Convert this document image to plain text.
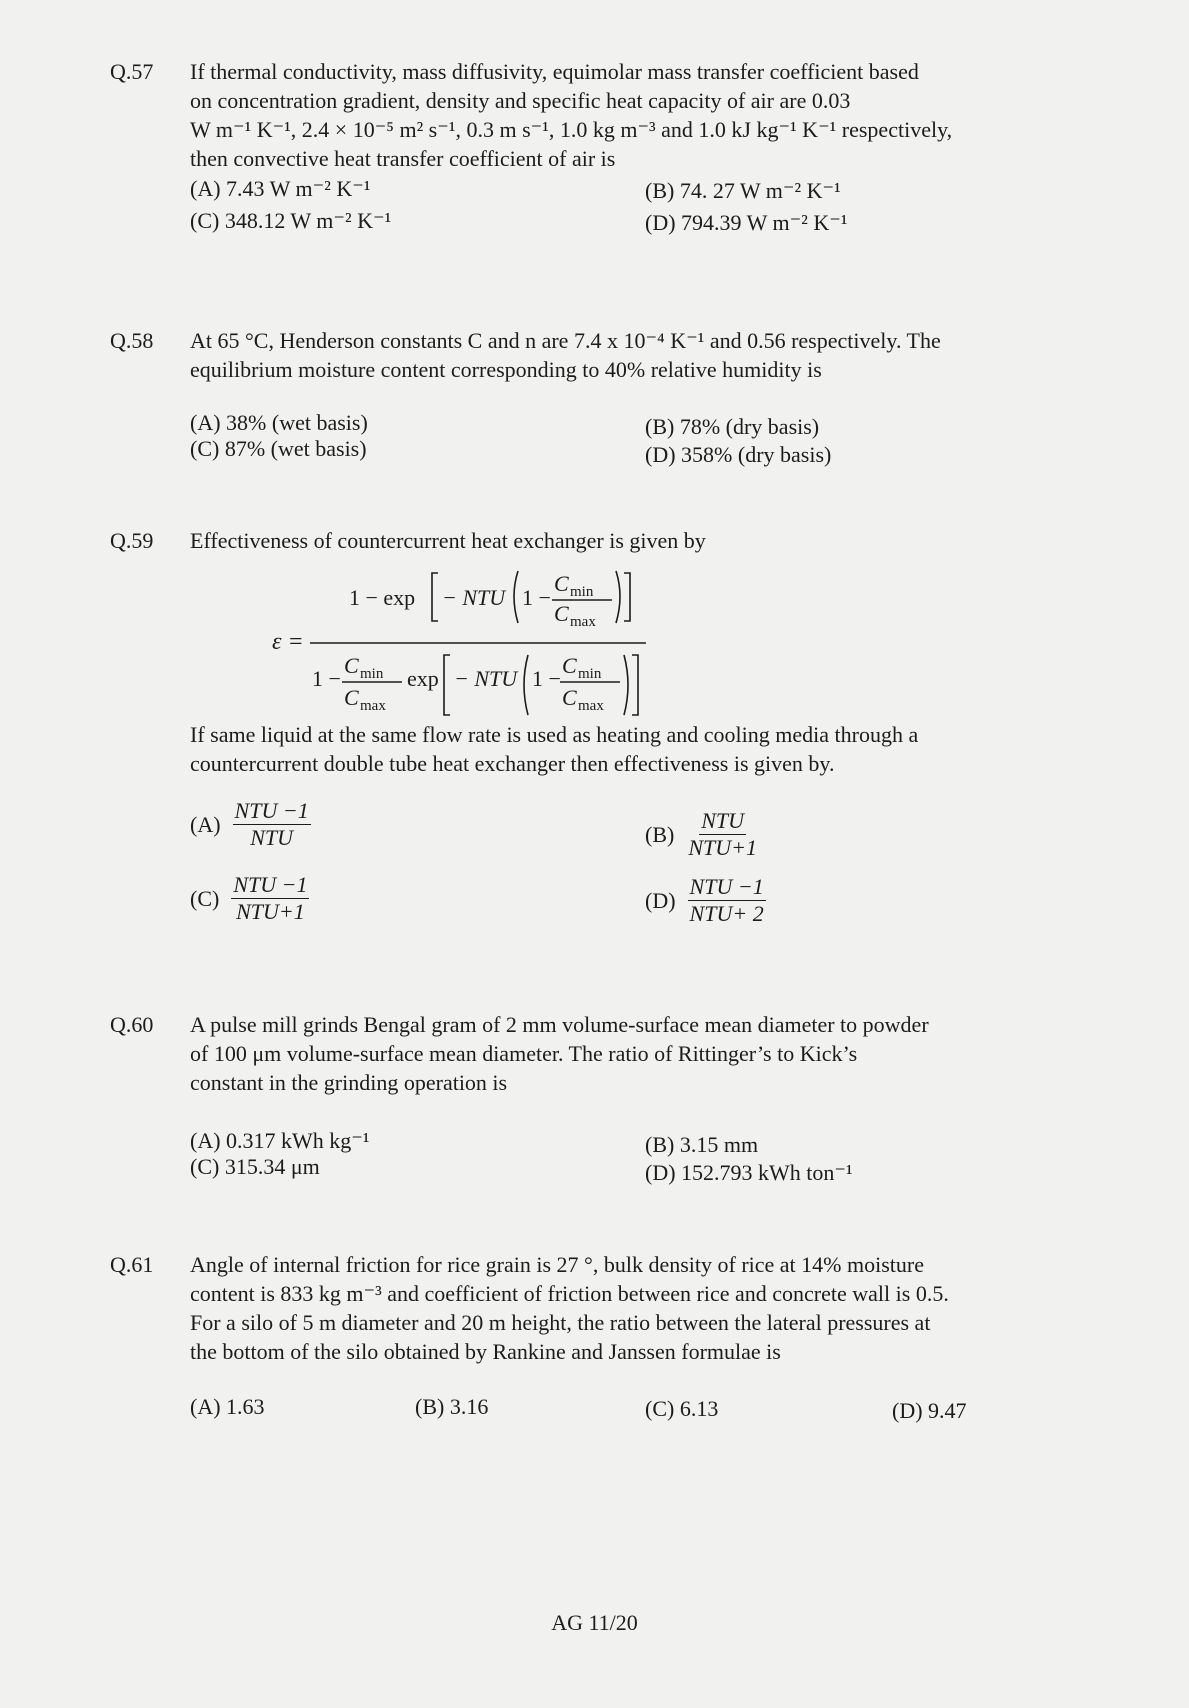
Q.57	If thermal conductivity, mass diffusivity, equimolar mass transfer coefficient based
on concentration gradient, density and specific heat capacity of air are 0.03
W m⁻¹ K⁻¹, 2.4 × 10⁻⁵ m² s⁻¹, 0.3 m s⁻¹, 1.0 kg m⁻³ and 1.0 kJ kg⁻¹ K⁻¹ respectively,
then convective heat transfer coefficient of air is
(A) 7.43 W m⁻² K⁻¹	(B) 74. 27 W m⁻² K⁻¹
(C) 348.12 W m⁻² K⁻¹	(D) 794.39 W m⁻² K⁻¹
Q.58	At 65 °C, Henderson constants C and n are 7.4 x 10⁻⁴ K⁻¹ and 0.56 respectively. The
equilibrium moisture content corresponding to 40% relative humidity is
(A) 38% (wet basis)	(B) 78% (dry basis)
(C) 87% (wet basis)	(D) 358% (dry basis)
Q.59	Effectiveness of countercurrent heat exchanger is given by
ε =
1 − exp − NTU 1 −
C min
C max
1 −
C min
C max
exp − NTU 1 −
C min
C max
If same liquid at the same flow rate is used as heating and cooling media through a
countercurrent double tube heat exchanger then effectiveness is given by.
$(A) \frac{\text{NTU −1}}{\text{NTU}}$	$(B) \frac{\text{NTU}}{\text{NTU+1}}$
$(C) \frac{\text{NTU −1}}{\text{NTU+1}}$	$(D) \frac{\text{NTU −1}}{\text{NTU+ 2}}$
Q.60	A pulse mill grinds Bengal gram of 2 mm volume-surface mean diameter to powder
of 100 μm volume-surface mean diameter. The ratio of Rittinger’s to Kick’s
constant in the grinding operation is
(A) 0.317 kWh kg⁻¹	(B) 3.15 mm
(C) 315.34 μm	(D) 152.793 kWh ton⁻¹
Q.61	Angle of internal friction for rice grain is 27 °, bulk density of rice at 14% moisture
content is 833 kg m⁻³ and coefficient of friction between rice and concrete wall is 0.5.
For a silo of 5 m diameter and 20 m height, the ratio between the lateral pressures at
the bottom of the silo obtained by Rankine and Janssen formulae is
(A) 1.63	(B) 3.16	(C) 6.13	(D) 9.47
AG 11/20
